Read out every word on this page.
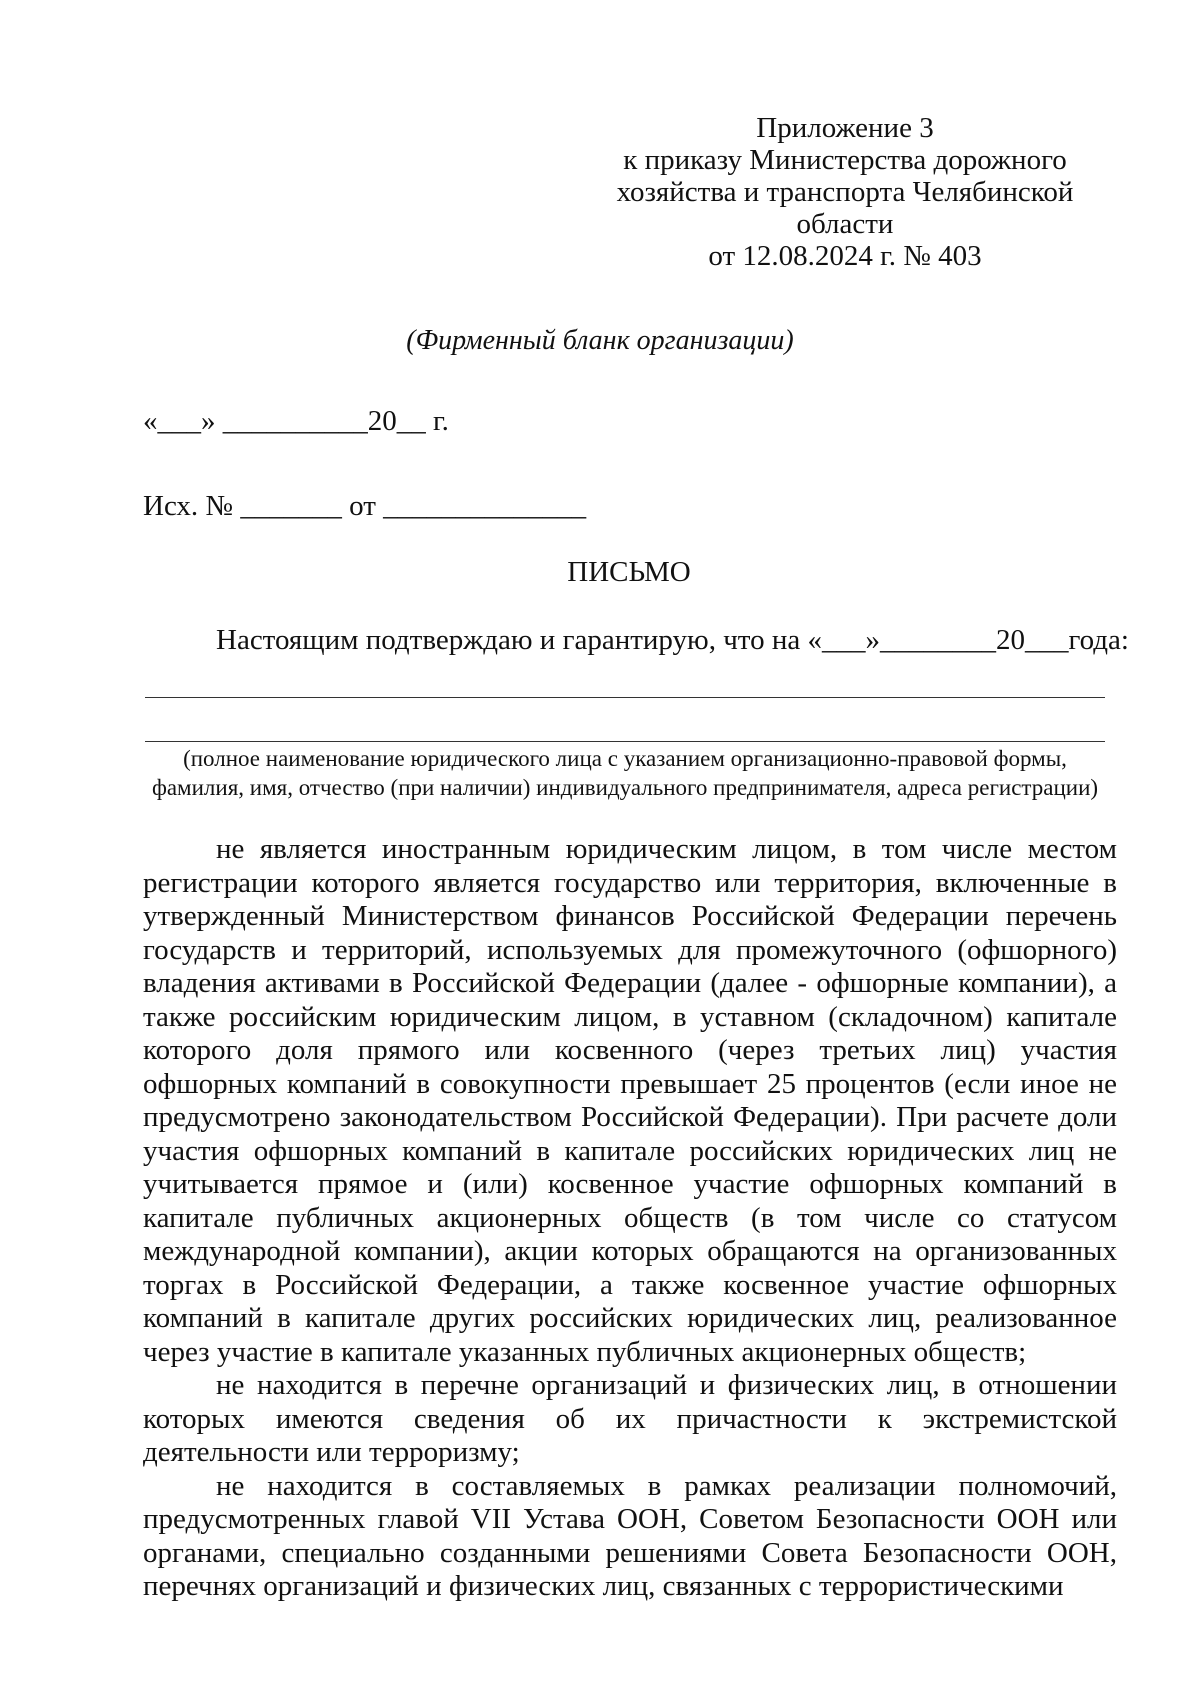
Приложение 3
к приказу Министерства дорожного
хозяйства и транспорта Челябинской
области
от 12.08.2024 г. № 403
(Фирменный бланк организации)
«___» __________20__ г.
Исх. № _______ от ______________
ПИСЬМО
Настоящим подтверждаю и гарантирую, что на «___»________20___года:
(полное наименование юридического лица с указанием организационно-правовой формы, фамилия, имя, отчество (при наличии) индивидуального предпринимателя, адреса регистрации)

не является иностранным юридическим лицом, в том числе местом регистрации которого является государство или территория, включенные в утвержденный Министерством финансов Российской Федерации перечень государств и территорий, используемых для промежуточного (офшорного) владения активами в Российской Федерации (далее - офшорные компании), а также российским юридическим лицом, в уставном (складочном) капитале которого доля прямого или косвенного (через третьих лиц) участия офшорных компаний в совокупности превышает 25 процентов (если иное не предусмотрено законодательством Российской Федерации). При расчете доли участия офшорных компаний в капитале российских юридических лиц не учитывается прямое и (или) косвенное участие офшорных компаний в капитале публичных акционерных обществ (в том числе со статусом международной компании), акции которых обращаются на организованных торгах в Российской Федерации, а также косвенное участие офшорных компаний в капитале других российских юридических лиц, реализованное через участие в капитале указанных публичных акционерных обществ;

не находится в перечне организаций и физических лиц, в отношении которых имеются сведения об их причастности к экстремистской деятельности или терроризму;

не находится в составляемых в рамках реализации полномочий, предусмотренных главой VII Устава ООН, Советом Безопасности ООН или органами, специально созданными решениями Совета Безопасности ООН, перечнях организаций и физических лиц, связанных с террористическими
